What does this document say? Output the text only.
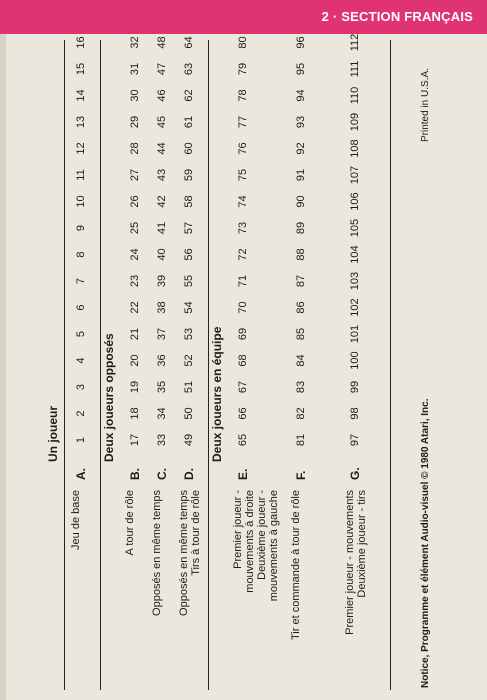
2 · SECTION FRANÇAIS
Un joueur	Deux joueurs opposés	Deux joueurs en équipe
Notice, Programme et élément Audio-visuel © 1980 Atari, Inc.
Printed in U.S.A.
1
2
3
4
5
6
7
8
9
10
11
12
13
14
15
16
A.
Jeu de base
B.
A tour de rôle
17
18
19
20
21
22
23
24
25
26
27
28
29
30
31
32
C.
Opposés en même temps
33
34
35
36
37
38
39
40
41
42
43
44
45
46
47
48
D.
Opposés en même temps
Tirs à tour de rôle
49
50
51
52
53
54
55
56
57
58
59
60
61
62
63
64
E.
Premier joueur -
mouvements à droite
Deuxième joueur -
mouvements à gauche
65
66
67
68
69
70
71
72
73
74
75
76
77
78
79
80
F.
Tir et commande à tour de rôle
81
82
83
84
85
86
87
88
89
90
91
92
93
94
95
96
G.
Premier joueur - mouvements
Deuxième joueur - tirs
97
98
99
100
101
102
103
104
105
106
107
108
109
110
111
112
